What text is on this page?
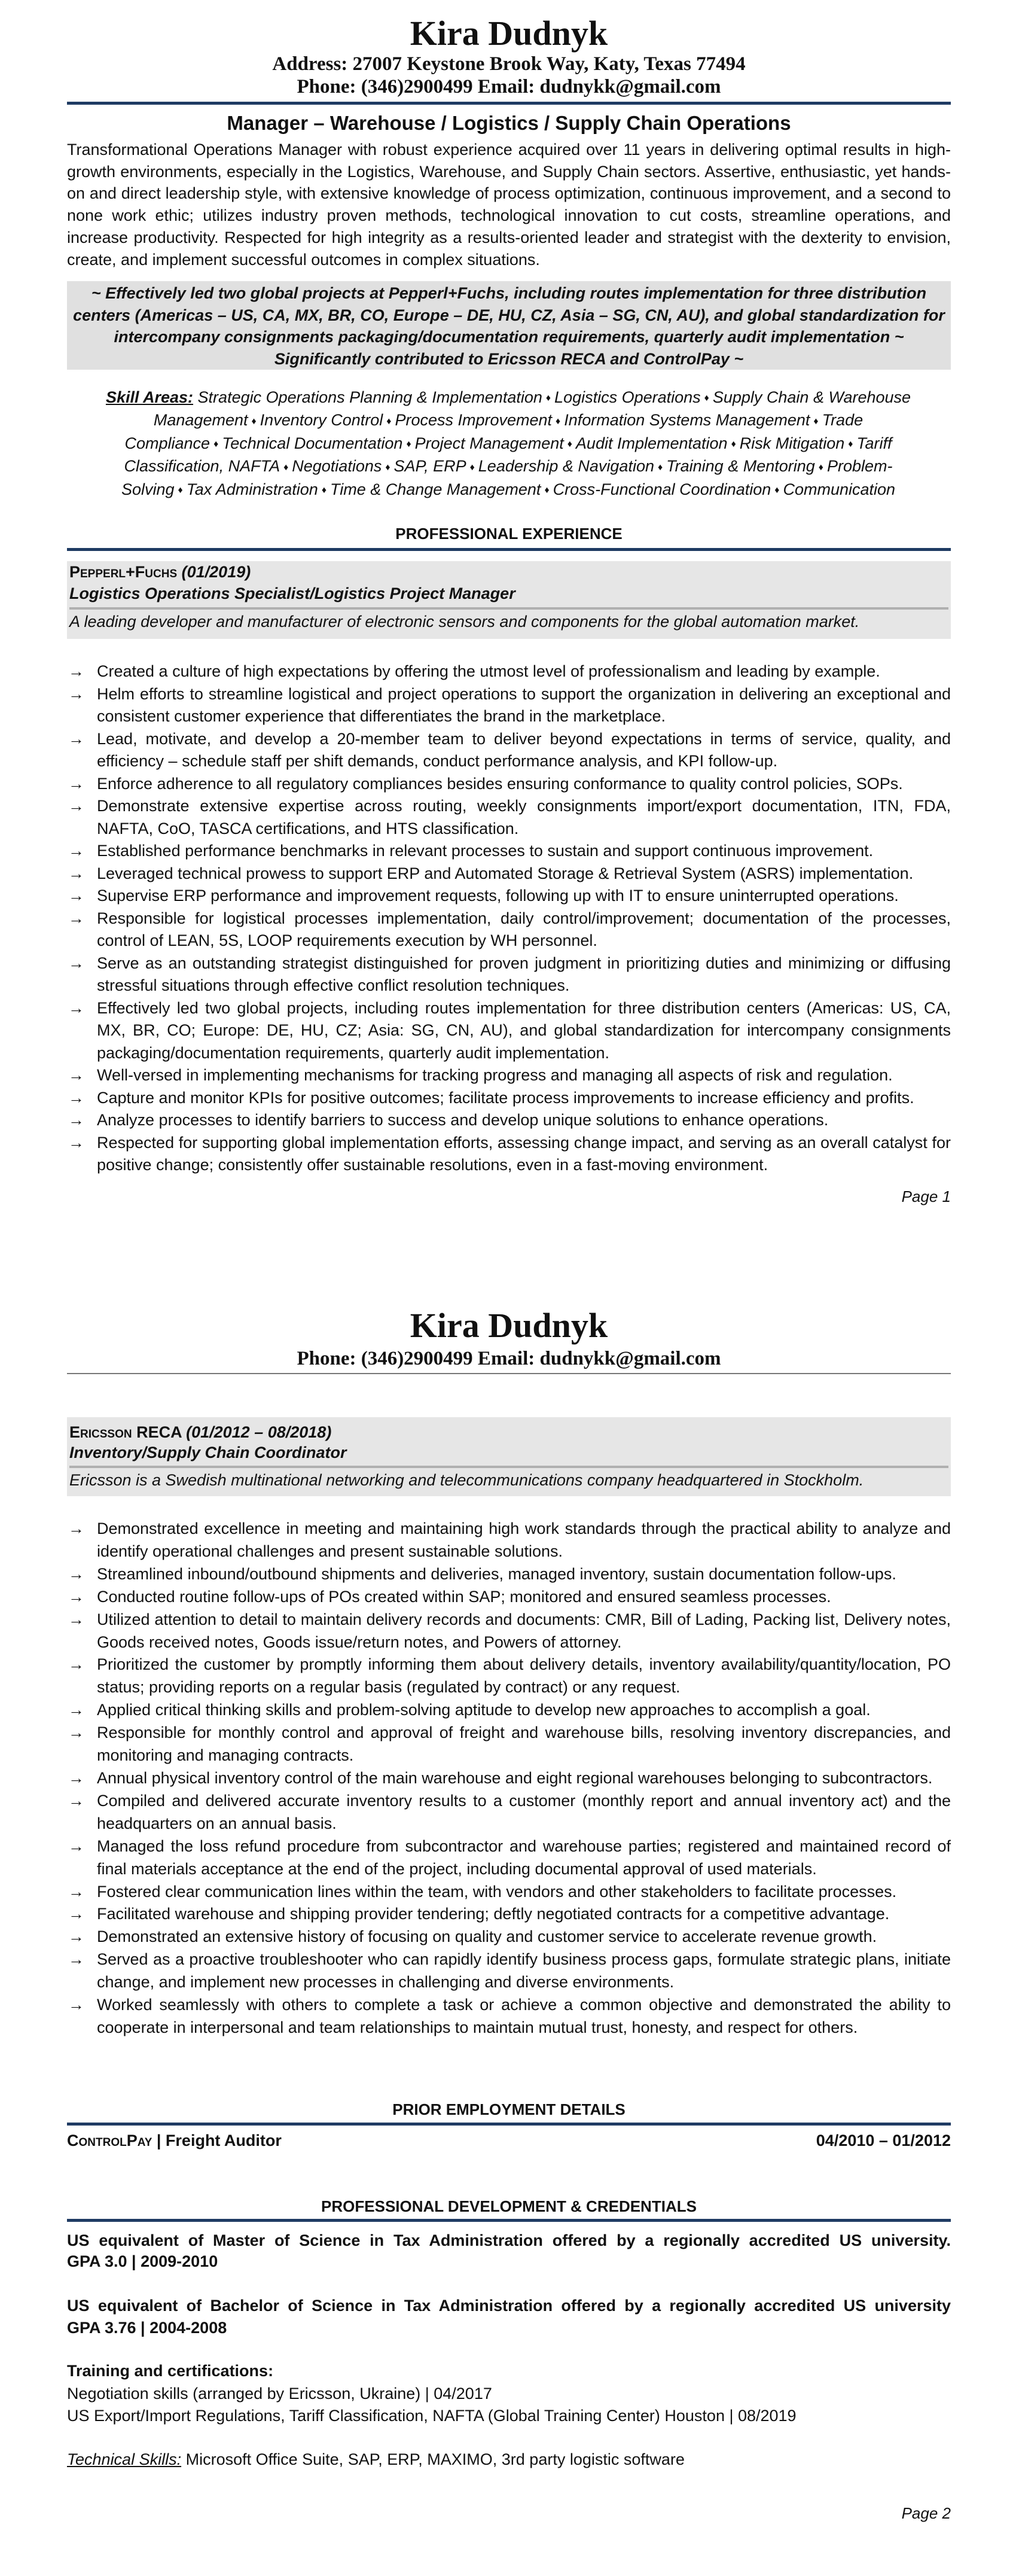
Kira Dudnyk
Address: 27007 Keystone Brook Way, Katy, Texas 77494
Phone: (346)2900499 Email: dudnykk@gmail.com
Manager – Warehouse / Logistics / Supply Chain Operations
Transformational Operations Manager with robust experience acquired over 11 years in delivering optimal results in high-growth environments, especially in the Logistics, Warehouse, and Supply Chain sectors. Assertive, enthusiastic, yet hands-on and direct leadership style, with extensive knowledge of process optimization, continuous improvement, and a second to none work ethic; utilizes industry proven methods, technological innovation to cut costs, streamline operations, and increase productivity. Respected for high integrity as a results-oriented leader and strategist with the dexterity to envision, create, and implement successful outcomes in complex situations.
~ Effectively led two global projects at Pepperl+Fuchs, including routes implementation for three distribution centers (Americas – US, CA, MX, BR, CO, Europe – DE, HU, CZ, Asia – SG, CN, AU), and global standardization for intercompany consignments packaging/documentation requirements, quarterly audit implementation ~ Significantly contributed to Ericsson RECA and ControlPay ~
Skill Areas: Strategic Operations Planning & Implementation ♦ Logistics Operations ♦ Supply Chain & Warehouse Management ♦ Inventory Control ♦ Process Improvement ♦ Information Systems Management ♦ Trade Compliance ♦ Technical Documentation ♦ Project Management ♦ Audit Implementation ♦ Risk Mitigation ♦ Tariff Classification, NAFTA ♦ Negotiations ♦ SAP, ERP ♦ Leadership & Navigation ♦ Training & Mentoring ♦ Problem-Solving ♦ Tax Administration ♦ Time & Change Management ♦ Cross-Functional Coordination ♦ Communication
PROFESSIONAL EXPERIENCE
Pepperl+Fuchs (01/2019)
Logistics Operations Specialist/Logistics Project Manager
A leading developer and manufacturer of electronic sensors and components for the global automation market.
→ Created a culture of high expectations by offering the utmost level of professionalism and leading by example.
→ Helm efforts to streamline logistical and project operations to support the organization in delivering an exceptional and consistent customer experience that differentiates the brand in the marketplace.
→ Lead, motivate, and develop a 20-member team to deliver beyond expectations in terms of service, quality, and efficiency – schedule staff per shift demands, conduct performance analysis, and KPI follow-up.
→ Enforce adherence to all regulatory compliances besides ensuring conformance to quality control policies, SOPs.
→ Demonstrate extensive expertise across routing, weekly consignments import/export documentation, ITN, FDA, NAFTA, CoO, TASCA certifications, and HTS classification.
→ Established performance benchmarks in relevant processes to sustain and support continuous improvement.
→ Leveraged technical prowess to support ERP and Automated Storage & Retrieval System (ASRS) implementation.
→ Supervise ERP performance and improvement requests, following up with IT to ensure uninterrupted operations.
→ Responsible for logistical processes implementation, daily control/improvement; documentation of the processes, control of LEAN, 5S, LOOP requirements execution by WH personnel.
→ Serve as an outstanding strategist distinguished for proven judgment in prioritizing duties and minimizing or diffusing stressful situations through effective conflict resolution techniques.
→ Effectively led two global projects, including routes implementation for three distribution centers (Americas: US, CA, MX, BR, CO; Europe: DE, HU, CZ; Asia: SG, CN, AU), and global standardization for intercompany consignments packaging/documentation requirements, quarterly audit implementation.
→ Well-versed in implementing mechanisms for tracking progress and managing all aspects of risk and regulation.
→ Capture and monitor KPIs for positive outcomes; facilitate process improvements to increase efficiency and profits.
→ Analyze processes to identify barriers to success and develop unique solutions to enhance operations.
→ Respected for supporting global implementation efforts, assessing change impact, and serving as an overall catalyst for positive change; consistently offer sustainable resolutions, even in a fast-moving environment.
Page 1
Kira Dudnyk
Phone: (346)2900499 Email: dudnykk@gmail.com
Ericsson RECA (01/2012 – 08/2018)
Inventory/Supply Chain Coordinator
Ericsson is a Swedish multinational networking and telecommunications company headquartered in Stockholm.
→ Demonstrated excellence in meeting and maintaining high work standards through the practical ability to analyze and identify operational challenges and present sustainable solutions.
→ Streamlined inbound/outbound shipments and deliveries, managed inventory, sustain documentation follow-ups.
→ Conducted routine follow-ups of POs created within SAP; monitored and ensured seamless processes.
→ Utilized attention to detail to maintain delivery records and documents: CMR, Bill of Lading, Packing list, Delivery notes, Goods received notes, Goods issue/return notes, and Powers of attorney.
→ Prioritized the customer by promptly informing them about delivery details, inventory availability/quantity/location, PO status; providing reports on a regular basis (regulated by contract) or any request.
→ Applied critical thinking skills and problem-solving aptitude to develop new approaches to accomplish a goal.
→ Responsible for monthly control and approval of freight and warehouse bills, resolving inventory discrepancies, and monitoring and managing contracts.
→ Annual physical inventory control of the main warehouse and eight regional warehouses belonging to subcontractors.
→ Compiled and delivered accurate inventory results to a customer (monthly report and annual inventory act) and the headquarters on an annual basis.
→ Managed the loss refund procedure from subcontractor and warehouse parties; registered and maintained record of final materials acceptance at the end of the project, including documental approval of used materials.
→ Fostered clear communication lines within the team, with vendors and other stakeholders to facilitate processes.
→ Facilitated warehouse and shipping provider tendering; deftly negotiated contracts for a competitive advantage.
→ Demonstrated an extensive history of focusing on quality and customer service to accelerate revenue growth.
→ Served as a proactive troubleshooter who can rapidly identify business process gaps, formulate strategic plans, initiate change, and implement new processes in challenging and diverse environments.
→ Worked seamlessly with others to complete a task or achieve a common objective and demonstrated the ability to cooperate in interpersonal and team relationships to maintain mutual trust, honesty, and respect for others.
PRIOR EMPLOYMENT DETAILS
ControlPay | Freight Auditor	04/2010 – 01/2012
PROFESSIONAL DEVELOPMENT & CREDENTIALS
US equivalent of Master of Science in Tax Administration offered by a regionally accredited US university.
GPA 3.0 | 2009-2010
US equivalent of Bachelor of Science in Tax Administration offered by a regionally accredited US university
GPA 3.76 | 2004-2008
Training and certifications:
Negotiation skills (arranged by Ericsson, Ukraine) | 04/2017
US Export/Import Regulations, Tariff Classification, NAFTA (Global Training Center) Houston | 08/2019
Technical Skills: Microsoft Office Suite, SAP, ERP, MAXIMO, 3rd party logistic software
Page 2
